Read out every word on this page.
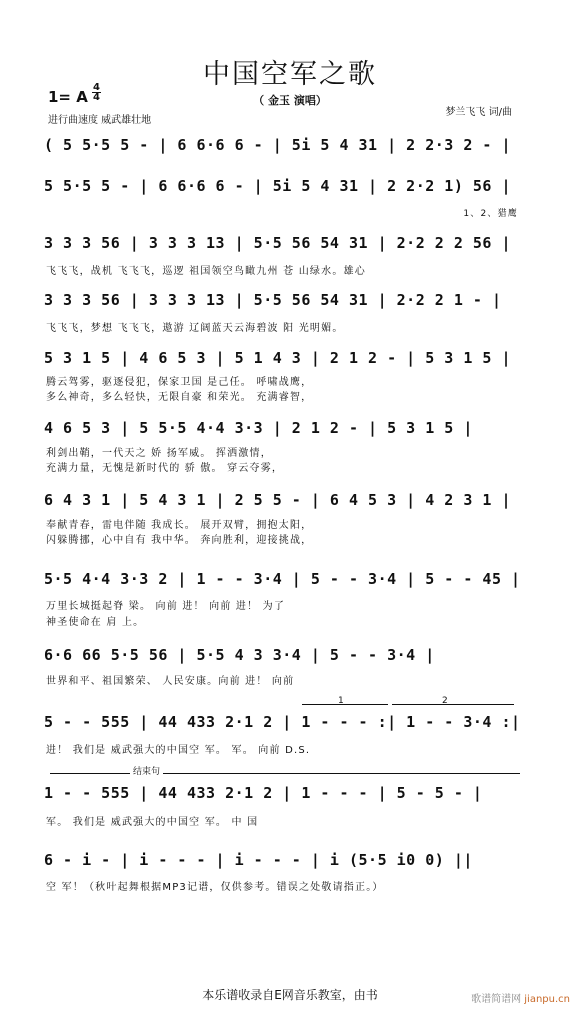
中国空军之歌
（ 金玉 演唱）
1= A
4
4
进行曲速度 威武雄壮地
梦兰飞飞 词/曲
( 5 5·5 5 - | 6 6·6 6 - | 5i 5 4 31 | 2 2·3 2 - |
5 5·5 5 - | 6 6·6 6 - | 5i 5 4 31 | 2 2·2 1) 56 |
1、2、猎鹰
3 3 3 56 | 3 3 3 13 | 5·5 56 54 31 | 2·2 2 2 56 |
飞飞飞，战机 飞飞飞，巡逻 祖国领空鸟瞰九州 苍 山绿水。雄心
3 3 3 56 | 3 3 3 13 | 5·5 56 54 31 | 2·2 2 1 - |
飞飞飞，梦想 飞飞飞，遨游 辽阔蓝天云海碧波 阳 光明媚。
5 3 1 5 | 4 6 5 3 | 5 1 4 3 | 2 1 2 - | 5 3 1 5 |
腾云驾雾，驱逐侵犯，保家卫国 是己任。 呼啸战鹰，
多么神奇，多么轻快，无限自豪 和荣光。 充满睿智，
4 6 5 3 | 5 5·5 4·4 3·3 | 2 1 2 - | 5 3 1 5 |
利剑出鞘，一代天之 娇 扬军威。 挥洒激情，
充满力量，无愧是新时代的 骄 傲。 穿云夺雾，
6 4 3 1 | 5 4 3 1 | 2 5 5 - | 6 4 5 3 | 4 2 3 1 |
奉献青春，雷电伴随 我成长。 展开双臂，拥抱太阳，
闪躲腾挪，心中自有 我中华。 奔向胜利，迎接挑战，
5·5 4·4 3·3 2 | 1 - - 3·4 | 5 - - 3·4 | 5 - - 45 |
万里长城挺起脊 梁。 向前 进！ 向前 进！ 为了
神圣使命在 肩 上。
6·6 66 5·5 56 | 5·5 4 3 3·4 | 5 - - 3·4 |
世界和平、祖国繁荣、 人民安康。向前 进！ 向前
1	2
5 - - 555 | 44 433 2·1 2 | 1 - - - :| 1 - - 3·4 :|
进！ 我们是 威武强大的中国空 军。 军。 向前 D.S.
结束句
1 - - 555 | 44 433 2·1 2 | 1 - - - | 5 - 5 - |
军。 我们是 威武强大的中国空 军。 中 国
6 - i - | i - - - | i - - - | i (5·5 i0 0) ||
空 军！（秋叶起舞根据MP3记谱，仅供参考。错误之处敬请指正。）
本乐谱收录自E网音乐教室，由书	歌谱简谱网 jianpu.cn
